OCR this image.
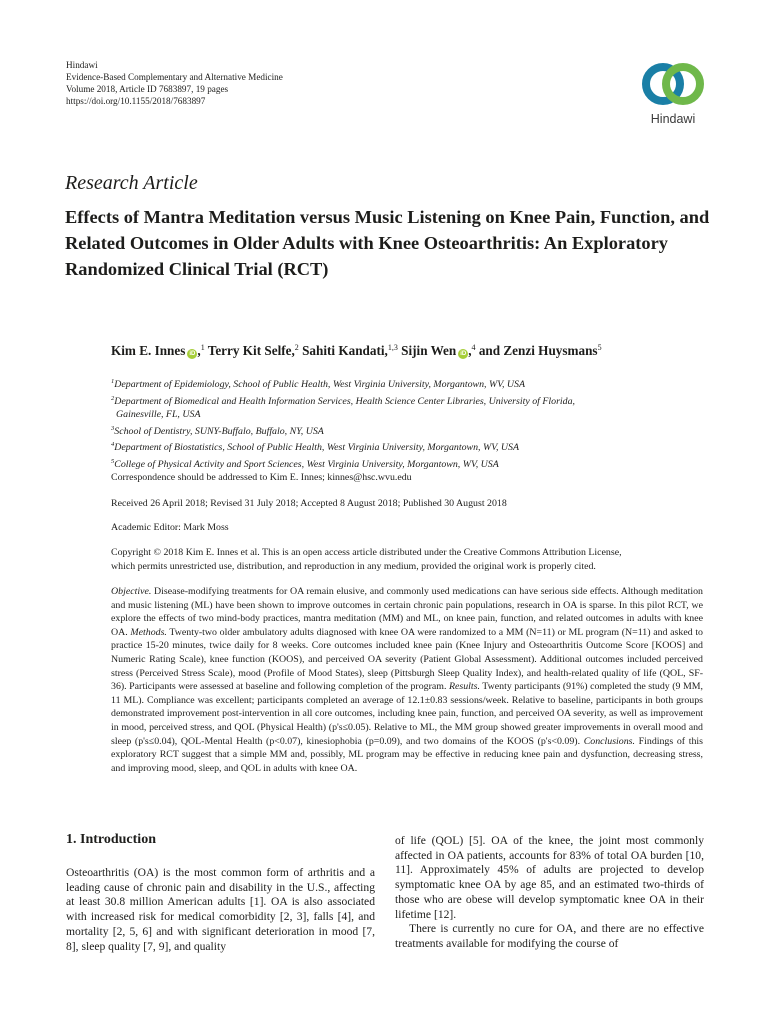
Hindawi
Evidence-Based Complementary and Alternative Medicine
Volume 2018, Article ID 7683897, 19 pages
https://doi.org/10.1155/2018/7683897
Hindawi
Research Article
Effects of Mantra Meditation versus Music Listening on Knee Pain, Function, and Related Outcomes in Older Adults with Knee Osteoarthritis: An Exploratory Randomized Clinical Trial (RCT)
Kim E. Innes iD ,$^1$ Terry Kit Selfe,$^2$ Sahiti Kandati,$^{1,3}$ Sijin Wen iD ,$^4$ and Zenzi Huysmans$^5$
$^1$Department of Epidemiology, School of Public Health, West Virginia University, Morgantown, WV, USA
$^2$Department of Biomedical and Health Information Services, Health Science Center Libraries, University of Florida,
Gainesville, FL, USA
$^3$School of Dentistry, SUNY-Buffalo, Buffalo, NY, USA
$^4$Department of Biostatistics, School of Public Health, West Virginia University, Morgantown, WV, USA
$^5$College of Physical Activity and Sport Sciences, West Virginia University, Morgantown, WV, USA
Correspondence should be addressed to Kim E. Innes; kinnes@hsc.wvu.edu
Received 26 April 2018; Revised 31 July 2018; Accepted 8 August 2018; Published 30 August 2018
Academic Editor: Mark Moss
Copyright © 2018 Kim E. Innes et al. This is an open access article distributed under the Creative Commons Attribution License,
which permits unrestricted use, distribution, and reproduction in any medium, provided the original work is properly cited.

Objective. Disease-modifying treatments for OA remain elusive, and commonly used medications can have serious side effects. Although meditation and music listening (ML) have been shown to improve outcomes in certain chronic pain populations, research in OA is sparse. In this pilot RCT, we explore the effects of two mind-body practices, mantra meditation (MM) and ML, on knee pain, function, and related outcomes in adults with knee OA. Methods. Twenty-two older ambulatory adults diagnosed with knee OA were randomized to a MM (N=11) or ML program (N=11) and asked to practice 15-20 minutes, twice daily for 8 weeks. Core outcomes included knee pain (Knee Injury and Osteoarthritis Outcome Score [KOOS] and Numeric Rating Scale), knee function (KOOS), and perceived OA severity (Patient Global Assessment). Additional outcomes included perceived stress (Perceived Stress Scale), mood (Profile of Mood States), sleep (Pittsburgh Sleep Quality Index), and health-related quality of life (QOL, SF-36). Participants were assessed at baseline and following completion of the program. Results. Twenty participants (91%) completed the study (9 MM, 11 ML). Compliance was excellent; participants completed an average of 12.1±0.83 sessions/week. Relative to baseline, participants in both groups demonstrated improvement post-intervention in all core outcomes, including knee pain, function, and perceived OA severity, as well as improvement in mood, perceived stress, and QOL (Physical Health) (p's≤0.05). Relative to ML, the MM group showed greater improvements in overall mood and sleep (p's≤0.04), QOL-Mental Health (p<0.07), kinesiophobia (p=0.09), and two domains of the KOOS (p's<0.09). Conclusions. Findings of this exploratory RCT suggest that a simple MM and, possibly, ML program may be effective in reducing knee pain and dysfunction, decreasing stress, and improving mood, sleep, and QOL in adults with knee OA.

1. Introduction

Osteoarthritis (OA) is the most common form of arthritis and a leading cause of chronic pain and disability in the U.S., affecting at least 30.8 million American adults [1]. OA is also associated with increased risk for medical comorbidity [2, 3], falls [4], and mortality [2, 5, 6] and with significant deterioration in mood [7, 8], sleep quality [7, 9], and quality

of life (QOL) [5]. OA of the knee, the joint most commonly affected in OA patients, accounts for 83% of total OA burden [10, 11]. Approximately 45% of adults are projected to develop symptomatic knee OA by age 85, and an estimated two-thirds of those who are obese will develop symptomatic knee OA in their lifetime [12].

There is currently no cure for OA, and there are no effective treatments available for modifying the course of
